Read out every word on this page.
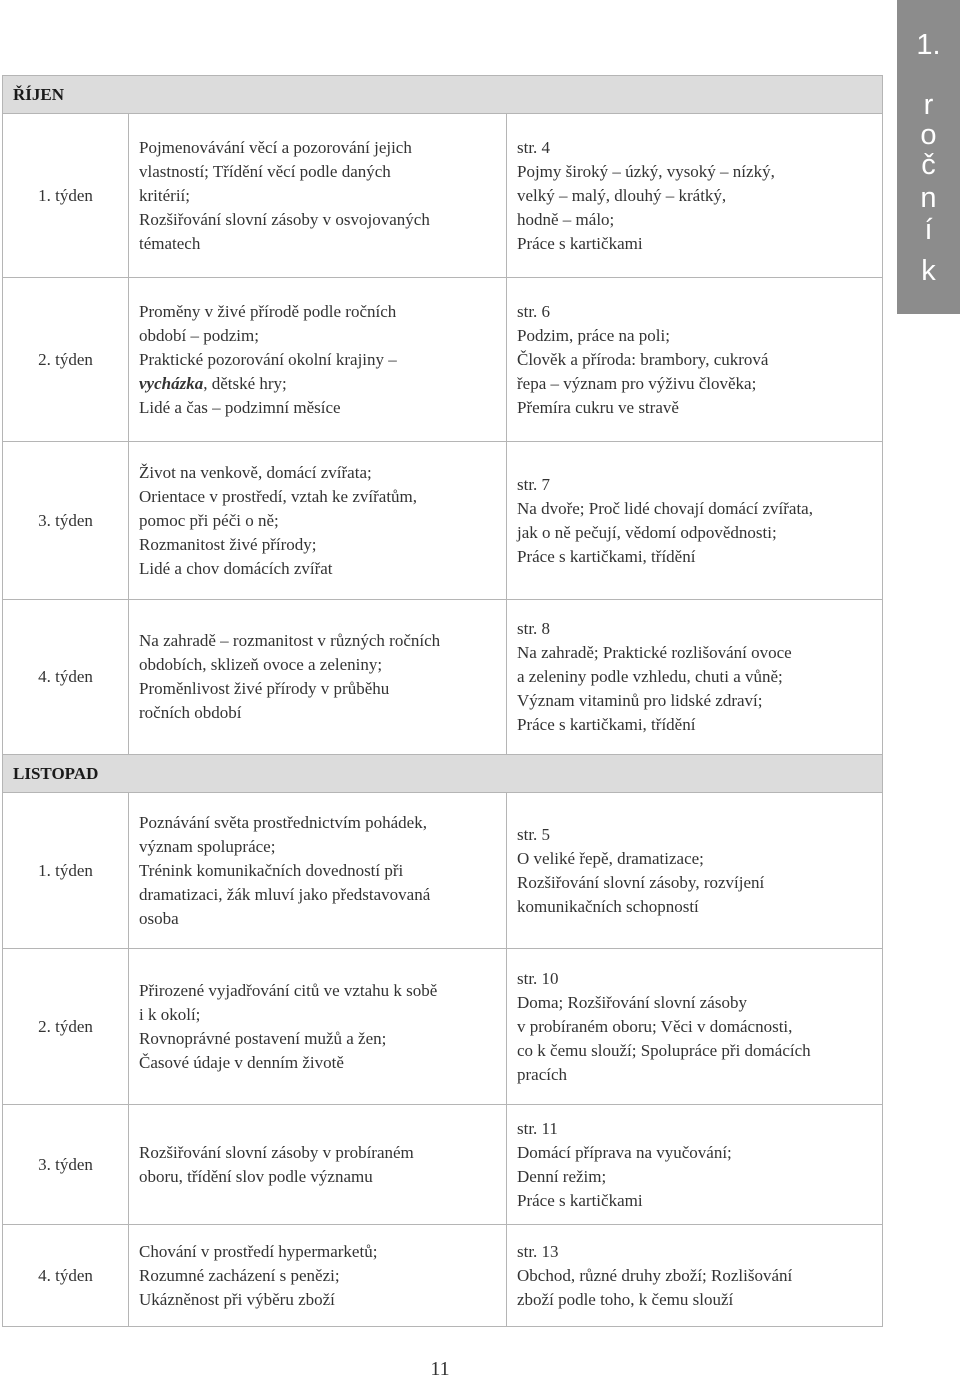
1.
r
o
č
n
í
k
ŘÍJEN		
1. týden	Pojmenovávání věcí a pozorování jejich
vlastností; Třídění věcí podle daných
kritérií;
Rozšiřování slovní zásoby v osvojovaných
tématech	str. 4
Pojmy široký – úzký, vysoký – nízký,
velký – malý, dlouhý – krátký,
hodně – málo;
Práce s kartičkami

2. týden	Proměny v živé přírodě podle ročních
období – podzim;
Praktické pozorování okolní krajiny –
vycházka, dětské hry;
Lidé a čas – podzimní měsíce	str. 6
Podzim, práce na poli;
Člověk a příroda: brambory, cukrová
řepa – význam pro výživu člověka;
Přemíra cukru ve stravě

3. týden	Život na venkově, domácí zvířata;
Orientace v prostředí, vztah ke zvířatům,
pomoc při péči o ně;
Rozmanitost živé přírody;
Lidé a chov domácích zvířat	str. 7
Na dvoře; Proč lidé chovají domácí zvířata,
jak o ně pečují, vědomí odpovědnosti;
Práce s kartičkami, třídění

4. týden	Na zahradě – rozmanitost v různých ročních
obdobích, sklizeň ovoce a zeleniny;
Proměnlivost živé přírody v průběhu
ročních období	str. 8
Na zahradě; Praktické rozlišování ovoce
a zeleniny podle vzhledu, chuti a vůně;
Význam vitaminů pro lidské zdraví;
Práce s kartičkami, třídění

LISTOPAD		
1. týden	Poznávání světa prostřednictvím pohádek,
význam spolupráce;
Trénink komunikačních dovedností při
dramatizaci, žák mluví jako představovaná
osoba	str. 5
O veliké řepě, dramatizace;
Rozšiřování slovní zásoby, rozvíjení
komunikačních schopností

2. týden	Přirozené vyjadřování citů ve vztahu k sobě
i k okolí;
Rovnoprávné postavení mužů a žen;
Časové údaje v denním životě	str. 10
Doma; Rozšiřování slovní zásoby
v probíraném oboru; Věci v domácnosti,
co k čemu slouží; Spolupráce při domácích
pracích

3. týden	Rozšiřování slovní zásoby v probíraném
oboru, třídění slov podle významu	str. 11
Domácí příprava na vyučování;
Denní režim;
Práce s kartičkami

4. týden	Chování v prostředí hypermarketů;
Rozumné zacházení s penězi;
Ukázněnost při výběru zboží	str. 13
Obchod, různé druhy zboží; Rozlišování
zboží podle toho, k čemu slouží
11
